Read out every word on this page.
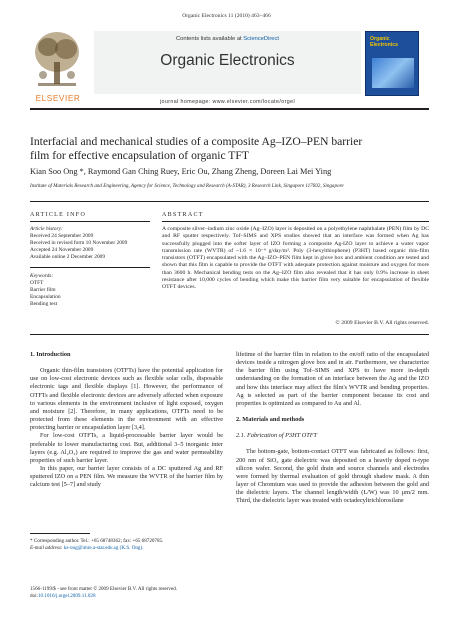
Organic Electronics 11 (2010) 463–466
ELSEVIER
Contents lists available at ScienceDirect
Organic Electronics
journal homepage: www.elsevier.com/locate/orgel
Organic Electronics
Interfacial and mechanical studies of a composite Ag–IZO–PEN barrier
film for effective encapsulation of organic TFT
Kian Soo Ong *, Raymond Gan Ching Ruey, Eric Ou, Zhang Zheng, Doreen Lai Mei Ying
Institute of Materials Research and Engineering, Agency for Science, Technology and Research (A-STAR), 3 Research Link, Singapore 117602, Singapore
ARTICLE INFO
Article history:
Received 24 September 2009
Received in revised form 10 November 2009
Accepted 24 November 2009
Available online 2 December 2009
Keywords:
OTFT
Barrier film
Encapsulation
Bending test
ABSTRACT
A composite silver–indium zinc oxide (Ag–IZO) layer is deposited on a polyethylene naphthalate (PEN) film by DC and RF sputter respectively. Tof–SIMS and XPS studies showed that an interface was formed when Ag has successfully plugged into the softer layer of IZO forming a composite Ag-IZO layer to achieve a water vapor transmission rate (WVTR) of ~1.6 × 10⁻⁴ g/day/m². Poly (3-hexylthiophene) (P3HT) based organic thin-film transistors (OTFT) encapsulated with the Ag–IZO–PEN film kept in glove box and ambient condition are tested and shown that this film is capable to provide the OTFT with adequate protection against moisture and oxygen for more than 3600 h. Mechanical bending tests on the Ag–IZO film also revealed that it has only 0.9% increase in sheet resistance after 10,000 cycles of bending which make this barrier film very suitable for encapsulation of flexible OTFT devices.
© 2009 Elsevier B.V. All rights reserved.
1. Introduction

Organic thin-film transistors (OTFTs) have the potential application for use on low-cost electronic devices such as flexible solar cells, disposable electronic tags and flexible displays [1]. However, the performance of OTFTs and flexible electronic devices are adversely affected when exposure to various elements in the environment inclusive of light exposed, oxygen and moisture [2]. Therefore, in many applications, OTFTs need to be protected from these elements in the environment with an effective protecting barrier or encapsulation layer [3,4].

For low-cost OTFTs, a liquid-processable barrier layer would be preferable to lower manufacturing cost. But, additional 3–5 inorganic inter layers (e.g. Al₂O₃) are required to improve the gas and water permeability properties of such barrier layer.

In this paper, our barrier layer consists of a DC sputtered Ag and RF sputtered IZO on a PEN film. We measure the WVTR of the barrier film by calcium test [5–7] and study

lifetime of the barrier film in relation to the on/off ratio of the encapsulated devices inside a nitrogen glove box and in air. Furthermore, we characterize the barrier film using Tof–SIMS and XPS to have more in-depth understanding on the formation of an interface between the Ag and the IZO and how this interface may affect the film's WVTR and bending properties. Ag is selected as part of the barrier component because its cost and properties is optimized as compared to Au and Al.

2. Materials and methods
2.1. Fabrication of P3HT OTFT

The bottom-gate, bottom-contact OTFT was fabricated as follows: first, 200 nm of SiO₂ gate dielectric was deposited on a heavily doped n-type silicon wafer. Second, the gold drain and source channels and electrodes were formed by thermal evaluation of gold through shadow mask. A thin layer of Chromium was used to provide the adhesion between the gold and the dielectric layers. The channel length/width (L/W) was 10 µm/2 mm. Third, the dielectric layer was treated with octadecyltrichlorosilane

* Corresponding author. Tel.: +65 68748362; fax: +65 68720785.
E-mail address: ks-ong@imre.a-star.edu.sg (K.S. Ong).
1566-1199/$ - see front matter © 2009 Elsevier B.V. All rights reserved.
doi:10.1016/j.orgel.2009.11.028
